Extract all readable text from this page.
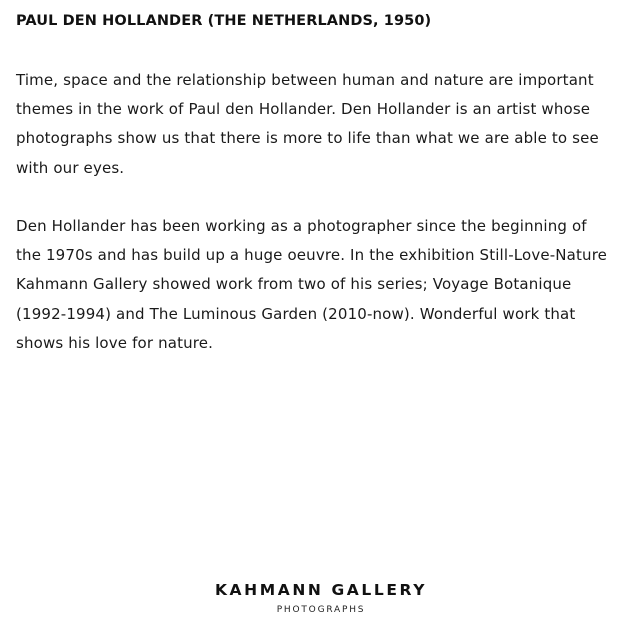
PAUL DEN HOLLANDER (THE NETHERLANDS, 1950)

Time, space and the relationship between human and nature are important themes in the work of Paul den Hollander. Den Hollander is an artist whose photographs show us that there is more to life than what we are able to see with our eyes.

Den Hollander has been working as a photographer since the beginning of the 1970s and has build up a huge oeuvre. In the exhibition Still-Love-Nature Kahmann Gallery showed work from two of his series; Voyage Botanique (1992-1994) and The Luminous Garden (2010-now). Wonderful work that shows his love for nature.

KAHMANN GALLERY
PHOTOGRAPHS
